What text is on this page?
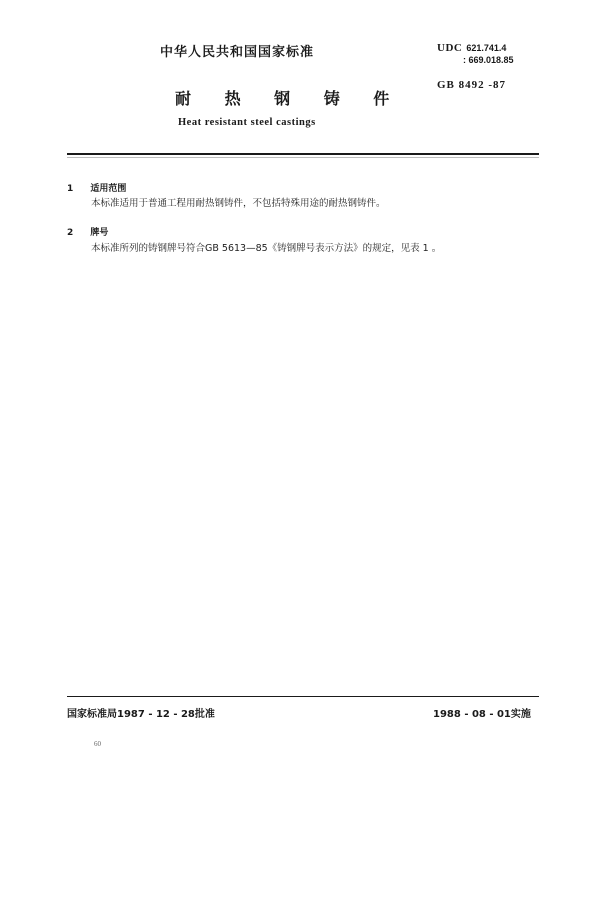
中华人民共和国国家标准	UDC 621.741.4
: 669.018.85
GB 8492 -87
耐 热 钢 铸 件
Heat resistant steel castings
1 适用范围
本标准适用于普通工程用耐热钢铸件，不包括特殊用途的耐热钢铸件。
2 牌号
本标准所列的铸钢牌号符合GB 5613—85《铸钢牌号表示方法》的规定，见表 1 。
国家标准局1987 - 12 - 28批准	1988 - 08 - 01实施
60
